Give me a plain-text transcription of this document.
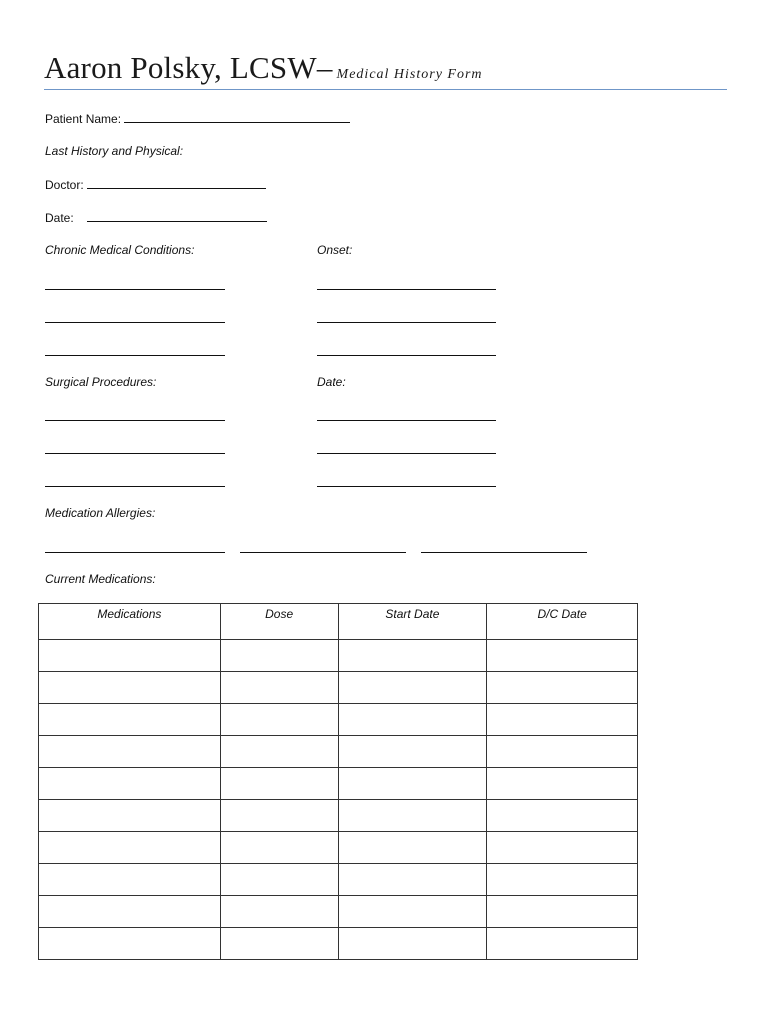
Aaron Polsky, LCSW– Medical History Form
Patient Name:
Last History and Physical:
Doctor:
Date:
Chronic Medical Conditions:	Onset:
Surgical Procedures:	Date:
Medication Allergies:
Current Medications:
Medications	Dose	Start Date	D/C Date
